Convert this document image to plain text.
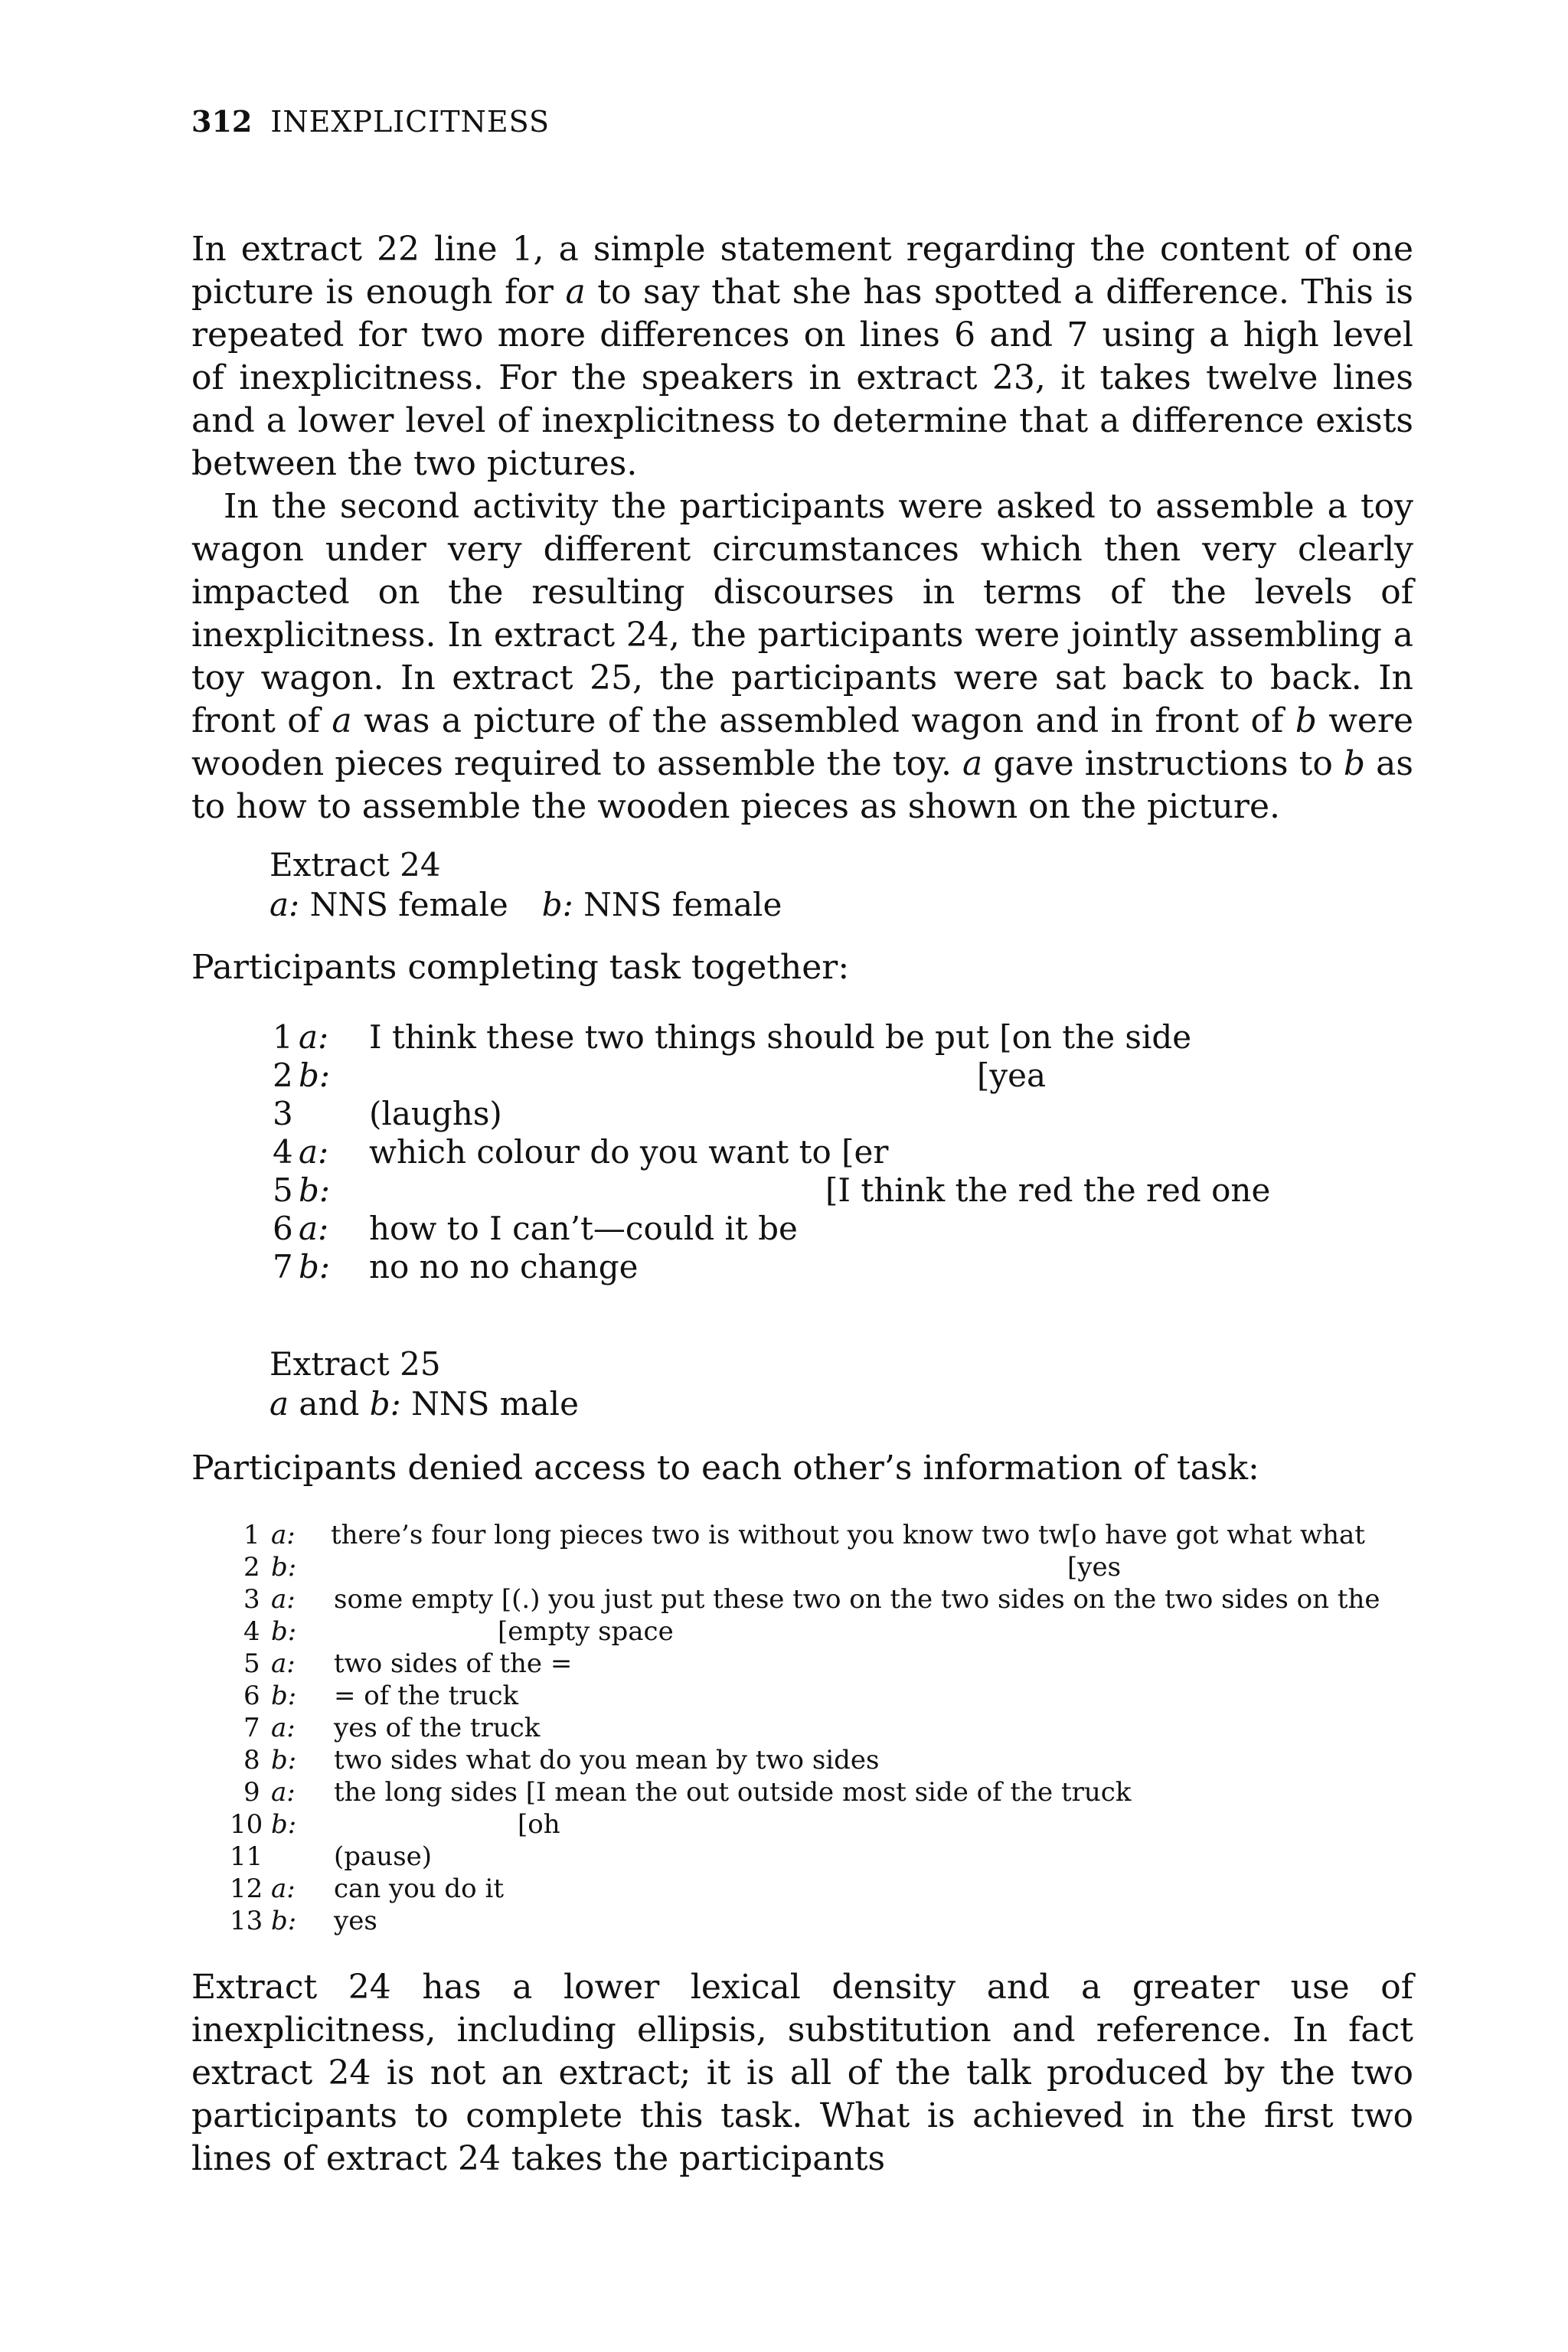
312 INEXPLICITNESS

In extract 22 line 1, a simple statement regarding the content of one picture is enough for a to say that she has spotted a difference. This is repeated for two more differences on lines 6 and 7 using a high level of inexplicitness. For the speakers in extract 23, it takes twelve lines and a lower level of inexplicitness to determine that a difference exists between the two pictures.

In the second activity the participants were asked to assemble a toy wagon under very different circumstances which then very clearly impacted on the resulting discourses in terms of the levels of inexplicitness. In extract 24, the participants were jointly assembling a toy wagon. In extract 25, the participants were sat back to back. In front of a was a picture of the assembled wagon and in front of b were wooden pieces required to assemble the toy. a gave instructions to b as to how to assemble the wooden pieces as shown on the picture.

Extract 24
a: NNS female b: NNS female
Participants completing task together:
1 a: I think these two things should be put [on the side
2 b:	[yea
3 (laughs)
4 a: which colour do you want to [er
5 b:	[I think the red the red one
6 a: how to I can’t—could it be
7 b: no no no change
Extract 25
a and b: NNS male
Participants denied access to each other’s information of task:
1 a: there’s four long pieces two is without you know two tw[o have got what what
2 b:	[yes
3 a: some empty [(.) you just put these two on the two sides on the two sides on the
4 b:	[empty space
5 a: two sides of the =
6 b: = of the truck
7 a: yes of the truck
8 b: two sides what do you mean by two sides
9 a: the long sides [I mean the out outside most side of the truck
10 b:	[oh
11	(pause)
12 a: can you do it
13 b: yes

Extract 24 has a lower lexical density and a greater use of inexplicitness, including ellipsis, substitution and reference. In fact extract 24 is not an extract; it is all of the talk produced by the two participants to complete this task. What is achieved in the first two lines of extract 24 takes the participants
